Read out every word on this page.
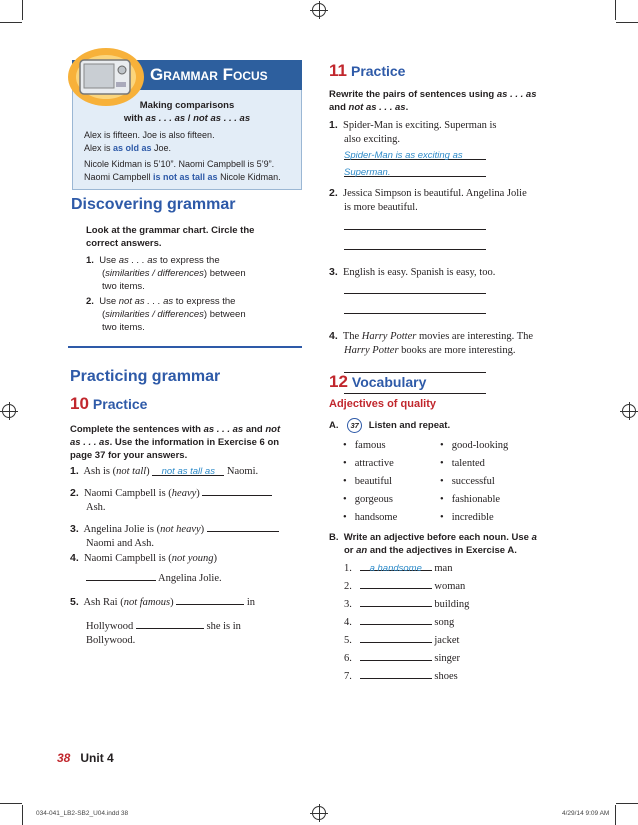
Grammar Focus
Making comparisons
with as . . . as / not as . . . as
Alex is fifteen. Joe is also fifteen.
Alex is as old as Joe.
Nicole Kidman is 5’10”. Naomi Campbell is 5’9”.
Naomi Campbell is not as tall as Nicole Kidman.
Discovering grammar
Look at the grammar chart. Circle the
correct answers.
1. Use as . . . as to express the
(similarities / differences) between
two items.
2. Use not as . . . as to express the
(similarities / differences) between
two items.
Practicing grammar
10 Practice
Complete the sentences with as . . . as and not
as . . . as. Use the information in Exercise 6 on
page 37 for your answers.
1. Ash is (not tall) not as tall as Naomi.
2. Naomi Campbell is (heavy)
Ash.
3. Angelina Jolie is (not heavy)
Naomi and Ash.
4. Naomi Campbell is (not young)
Angelina Jolie.
5. Ash Rai (not famous)	in
Hollywood	she is in
Bollywood.
11 Practice
Rewrite the pairs of sentences using as . . . as
and not as . . . as.
1. Spider-Man is exciting. Superman is
also exciting.
Spider-Man is as exciting as
Superman.
2. Jessica Simpson is beautiful. Angelina Jolie
is more beautiful.
3. English is easy. Spanish is easy, too.
4. The Harry Potter movies are interesting. The
Harry Potter books are more interesting.
12 Vocabulary
Adjectives of quality
A. 37 Listen and repeat.
• famous
• attractive
• beautiful
• gorgeous
• handsome
• good-looking
• talented
• successful
• fashionable
• incredible
B. Write an adjective before each noun. Use a
or an and the adjectives in Exercise A.
1. a handsome man
2.	woman
3.	building
4.	song
5.	jacket
6.	singer
7.	shoes
38 Unit 4
034-041_LB2-SB2_U04.indd 38	4/29/14 9:09 AM
